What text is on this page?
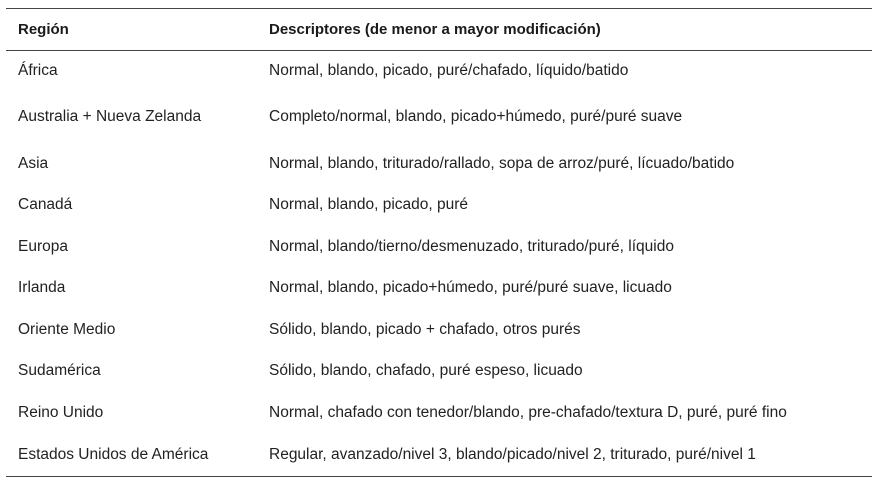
Región	Descriptores (de menor a mayor modificación)
África	Normal, blando, picado, puré/chafado, líquido/batido
Australia + Nueva Zelanda	Completo/normal, blando, picado+húmedo, puré/puré suave
Asia	Normal, blando, triturado/rallado, sopa de arroz/puré, lícuado/batido
Canadá	Normal, blando, picado, puré
Europa	Normal, blando/tierno/desmenuzado, triturado/puré, líquido
Irlanda	Normal, blando, picado+húmedo, puré/puré suave, licuado
Oriente Medio	Sólido, blando, picado + chafado, otros purés
Sudamérica	Sólido, blando, chafado, puré espeso, licuado
Reino Unido	Normal, chafado con tenedor/blando, pre-chafado/textura D, puré, puré fino
Estados Unidos de América	Regular, avanzado/nivel 3, blando/picado/nivel 2, triturado, puré/nivel 1
